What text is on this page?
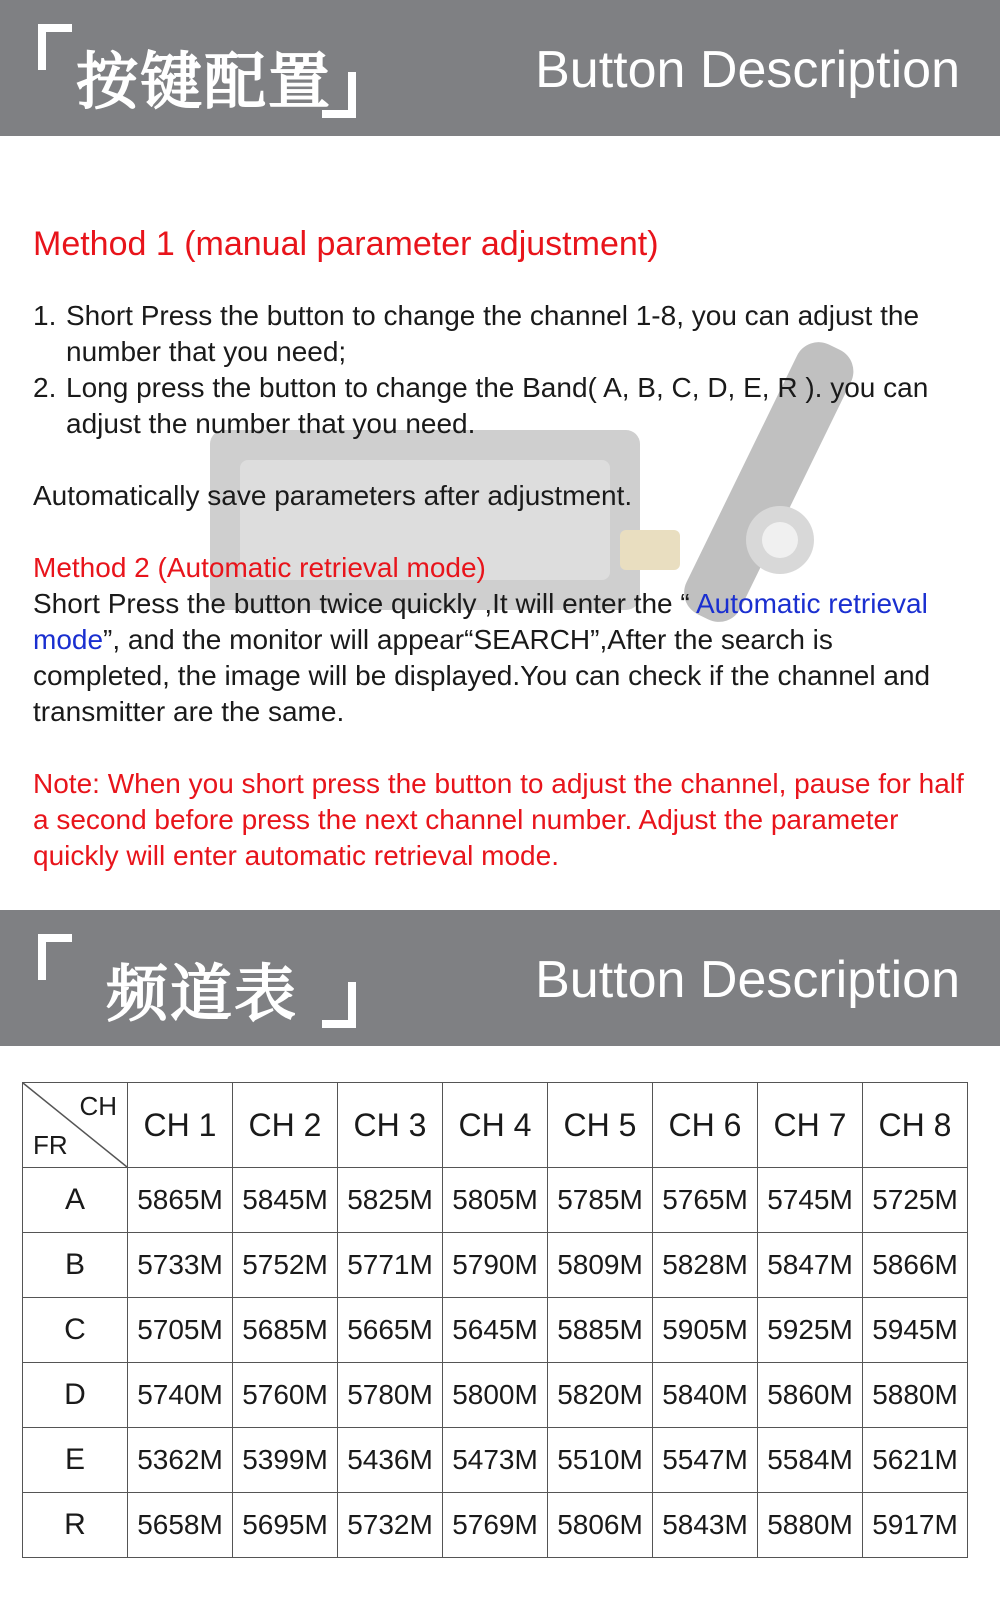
按键配置	Button Description

Method 1 (manual parameter adjustment)

1. Short Press the button to change the channel 1-8, you can adjust the number that you need;
2. Long press the button to change the Band( A, B, C, D, E, R ). you can adjust the number that you need.

Automatically save parameters after adjustment.

Method 2 (Automatic retrieval mode)

Short Press the button twice quickly ,It will enter the “ Automatic retrieval mode”, and the monitor will appear“SEARCH”,After the search is completed, the image will be displayed.You can check if the channel and transmitter are the same.

Note: When you short press the button to adjust the channel, pause for half a second before press the next channel number. Adjust the parameter quickly will enter automatic retrieval mode.

频道表	Button Description
CH
FR	CH 1	CH 2	CH 3	CH 4	CH 5	CH 6	CH 7	CH 8
A	5865M	5845M	5825M	5805M	5785M	5765M	5745M	5725M
B	5733M	5752M	5771M	5790M	5809M	5828M	5847M	5866M
C	5705M	5685M	5665M	5645M	5885M	5905M	5925M	5945M
D	5740M	5760M	5780M	5800M	5820M	5840M	5860M	5880M
E	5362M	5399M	5436M	5473M	5510M	5547M	5584M	5621M
R	5658M	5695M	5732M	5769M	5806M	5843M	5880M	5917M
